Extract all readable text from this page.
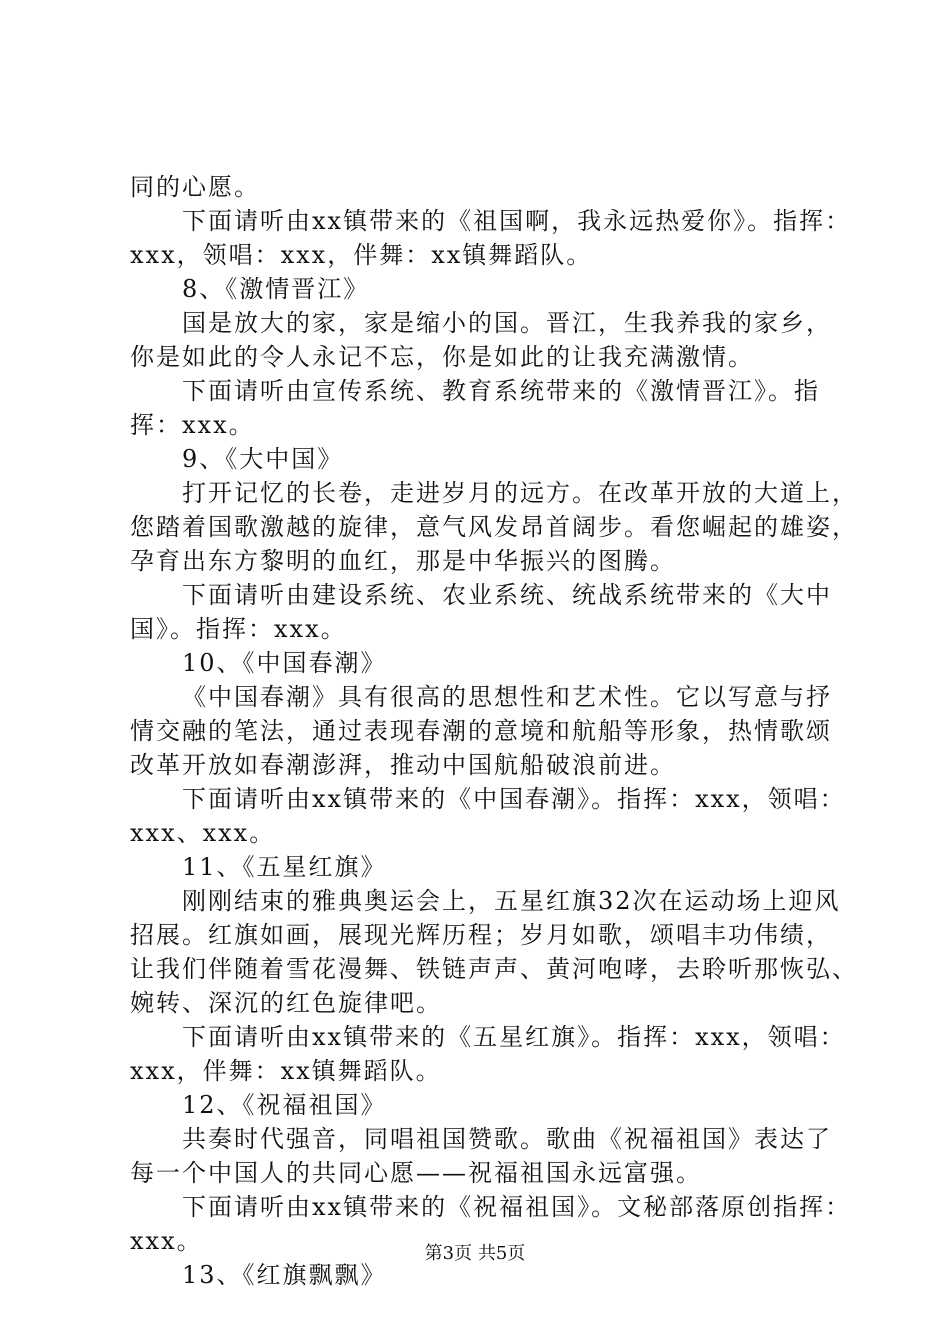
同的心愿。
下面请听由xx镇带来的《祖国啊，我永远热爱你》。指挥：
xxx，领唱：xxx，伴舞：xx镇舞蹈队。
8、《激情晋江》
国是放大的家，家是缩小的国。晋江，生我养我的家乡，
你是如此的令人永记不忘，你是如此的让我充满激情。
下面请听由宣传系统、教育系统带来的《激情晋江》。指
挥：xxx。
9、《大中国》
打开记忆的长卷，走进岁月的远方。在改革开放的大道上，
您踏着国歌激越的旋律，意气风发昂首阔步。看您崛起的雄姿，
孕育出东方黎明的血红，那是中华振兴的图腾。
下面请听由建设系统、农业系统、统战系统带来的《大中
国》。指挥：xxx。
10、《中国春潮》
《中国春潮》具有很高的思想性和艺术性。它以写意与抒
情交融的笔法，通过表现春潮的意境和航船等形象，热情歌颂
改革开放如春潮澎湃，推动中国航船破浪前进。
下面请听由xx镇带来的《中国春潮》。指挥：xxx，领唱：
xxx、xxx。
11、《五星红旗》
刚刚结束的雅典奥运会上，五星红旗32次在运动场上迎风
招展。红旗如画，展现光辉历程；岁月如歌，颂唱丰功伟绩，
让我们伴随着雪花漫舞、铁链声声、黄河咆哮，去聆听那恢弘、
婉转、深沉的红色旋律吧。
下面请听由xx镇带来的《五星红旗》。指挥：xxx，领唱：
xxx，伴舞：xx镇舞蹈队。
12、《祝福祖国》
共奏时代强音，同唱祖国赞歌。歌曲《祝福祖国》表达了
每一个中国人的共同心愿——祝福祖国永远富强。
下面请听由xx镇带来的《祝福祖国》。文秘部落原创指挥：
xxx。
13、《红旗飘飘》
第3页 共5页
